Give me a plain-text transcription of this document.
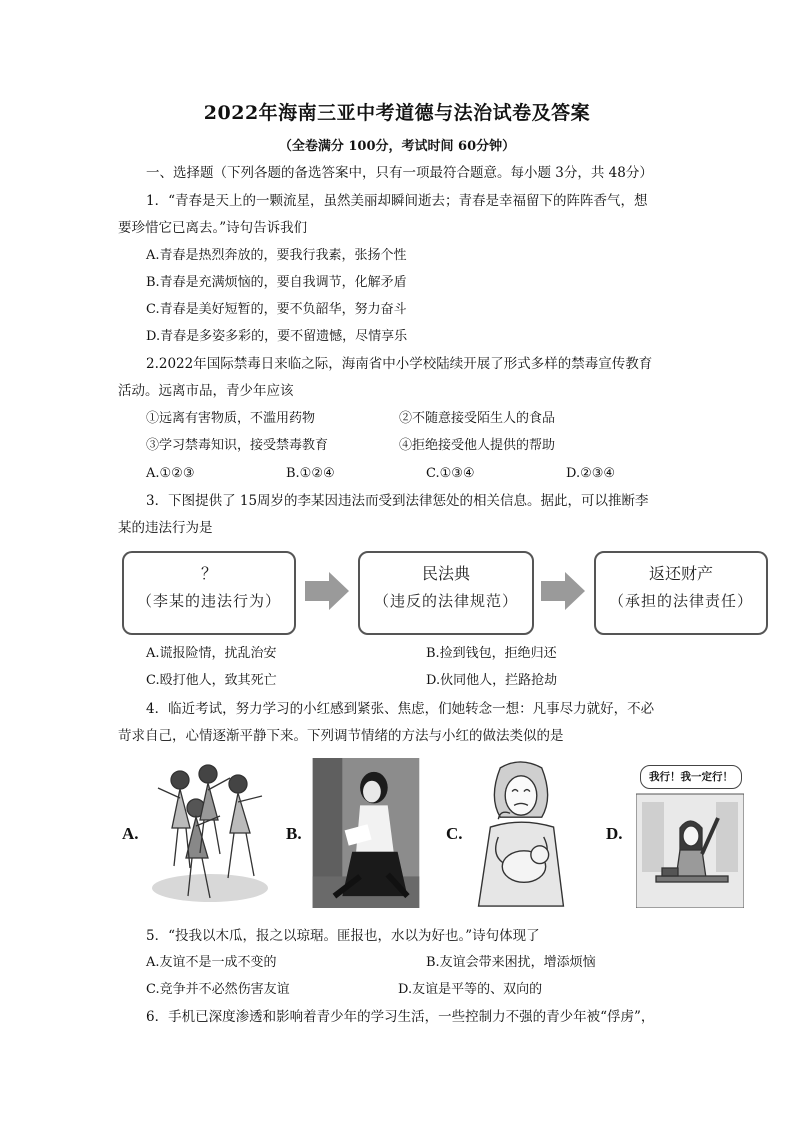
2022年海南三亚中考道德与法治试卷及答案
（全卷满分 100分，考试时间 60分钟）
一、选择题（下列各题的备选答案中，只有一项最符合题意。每小题 3分，共 48分）
1．“青春是天上的一颗流星，虽然美丽却瞬间逝去；青春是幸福留下的阵阵香气，想
要珍惜它已离去。”诗句告诉我们
A.青春是热烈奔放的，要我行我素，张扬个性
B.青春是充满烦恼的，要自我调节，化解矛盾
C.青春是美好短暂的，要不负韶华，努力奋斗
D.青春是多姿多彩的，要不留遗憾，尽情享乐
2.2022年国际禁毒日来临之际，海南省中小学校陆续开展了形式多样的禁毒宣传教育
活动。远离市品，青少年应该
①远离有害物质，不滥用药物	②不随意接受陌生人的食品
③学习禁毒知识，接受禁毒教育	④拒绝接受他人提供的帮助
A.①②③	B.①②④	C.①③④	D.②③④
3．下图提供了 15周岁的李某因违法而受到法律惩处的相关信息。据此，可以推断李
某的违法行为是
？
（李某的违法行为）
民法典
（违反的法律规范）
返还财产
（承担的法律责任）
A.谎报险情，扰乱治安	B.捡到钱包，拒绝归还
C.殴打他人，致其死亡	D.伙同他人，拦路抢劫
4．临近考试，努力学习的小红感到紧张、焦虑，们她转念一想：凡事尽力就好，不必
苛求自己，心情逐渐平静下来。下列调节情绪的方法与小红的做法类似的是
A.	B.	C.	D.
我行！我一定行！
5．“投我以木瓜，报之以琼琚。匪报也，水以为好也。”诗句体现了
A.友谊不是一成不变的	B.友谊会带来困扰，增添烦恼
C.竞争并不必然伤害友谊	D.友谊是平等的、双向的
6．手机已深度渗透和影响着青少年的学习生活，一些控制力不强的青少年被“俘虏”，
